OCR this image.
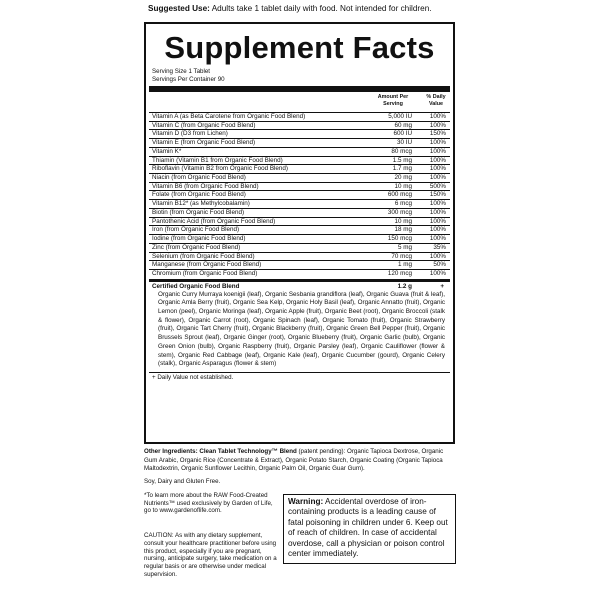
Suggested Use: Adults take 1 tablet daily with food. Not intended for children.
Supplement Facts
Serving Size 1 Tablet
Servings Per Container 90
Amount Per
Serving
% Daily
Value
Vitamin A (as Beta Carotene from Organic Food Blend)	5,000 IU	100%
Vitamin C (from Organic Food Blend)	60 mg	100%
Vitamin D (D3 from Lichen)	600 IU	150%
Vitamin E (from Organic Food Blend)	30 IU	100%
Vitamin K*	80 mcg	100%
Thiamin (Vitamin B1 from Organic Food Blend)	1.5 mg	100%
Riboflavin (Vitamin B2 from Organic Food Blend)	1.7 mg	100%
Niacin (from Organic Food Blend)	20 mg	100%
Vitamin B6 (from Organic Food Blend)	10 mg	500%
Folate (from Organic Food Blend)	600 mcg	150%
Vitamin B12* (as Methylcobalamin)	6 mcg	100%
Biotin (from Organic Food Blend)	300 mcg	100%
Pantothenic Acid (from Organic Food Blend)	10 mg	100%
Iron (from Organic Food Blend)	18 mg	100%
Iodine (from Organic Food Blend)	150 mcg	100%
Zinc (from Organic Food Blend)	5 mg	35%
Selenium (from Organic Food Blend)	70 mcg	100%
Manganese (from Organic Food Blend)	1 mg	50%
Chromium (from Organic Food Blend)	120 mcg	100%
Certified Organic Food Blend	1.2 g	+
Organic Curry Murraya koenigii (leaf), Organic Sesbania grandiflora (leaf), Organic Guava (fruit & leaf), Organic Amla Berry (fruit), Organic Sea Kelp, Organic Holy Basil (leaf), Organic Annatto (fruit), Organic Lemon (peel), Organic Moringa (leaf), Organic Apple (fruit), Organic Beet (root), Organic Broccoli (stalk & flower), Organic Carrot (root), Organic Spinach (leaf), Organic Tomato (fruit), Organic Strawberry (fruit), Organic Tart Cherry (fruit), Organic Blackberry (fruit), Organic Green Bell Pepper (fruit), Organic Brussels Sprout (leaf), Organic Ginger (root), Organic Blueberry (fruit), Organic Garlic (bulb), Organic Green Onion (bulb), Organic Raspberry (fruit), Organic Parsley (leaf), Organic Cauliflower (flower & stem), Organic Red Cabbage (leaf), Organic Kale (leaf), Organic Cucumber (gourd), Organic Celery (stalk), Organic Asparagus (flower & stem)
+ Daily Value not established.
Other Ingredients: Clean Tablet Technology™ Blend (patent pending): Organic Tapioca Dextrose, Organic Gum Arabic, Organic Rice (Concentrate & Extract), Organic Potato Starch, Organic Coating (Organic Tapioca Maltodextrin, Organic Sunflower Lecithin, Organic Palm Oil, Organic Guar Gum).
Soy, Dairy and Gluten Free.
*To learn more about the RAW Food-Created Nutrients™ used exclusively by Garden of Life, go to www.gardenoflife.com.
CAUTION: As with any dietary supplement, consult your healthcare practitioner before using this product, especially if you are pregnant, nursing, anticipate surgery, take medication on a regular basis or are otherwise under medical supervision.
Warning: Accidental overdose of iron-containing products is a leading cause of fatal poisoning in children under 6. Keep out of reach of children. In case of accidental overdose, call a physician or poison control center immediately.
